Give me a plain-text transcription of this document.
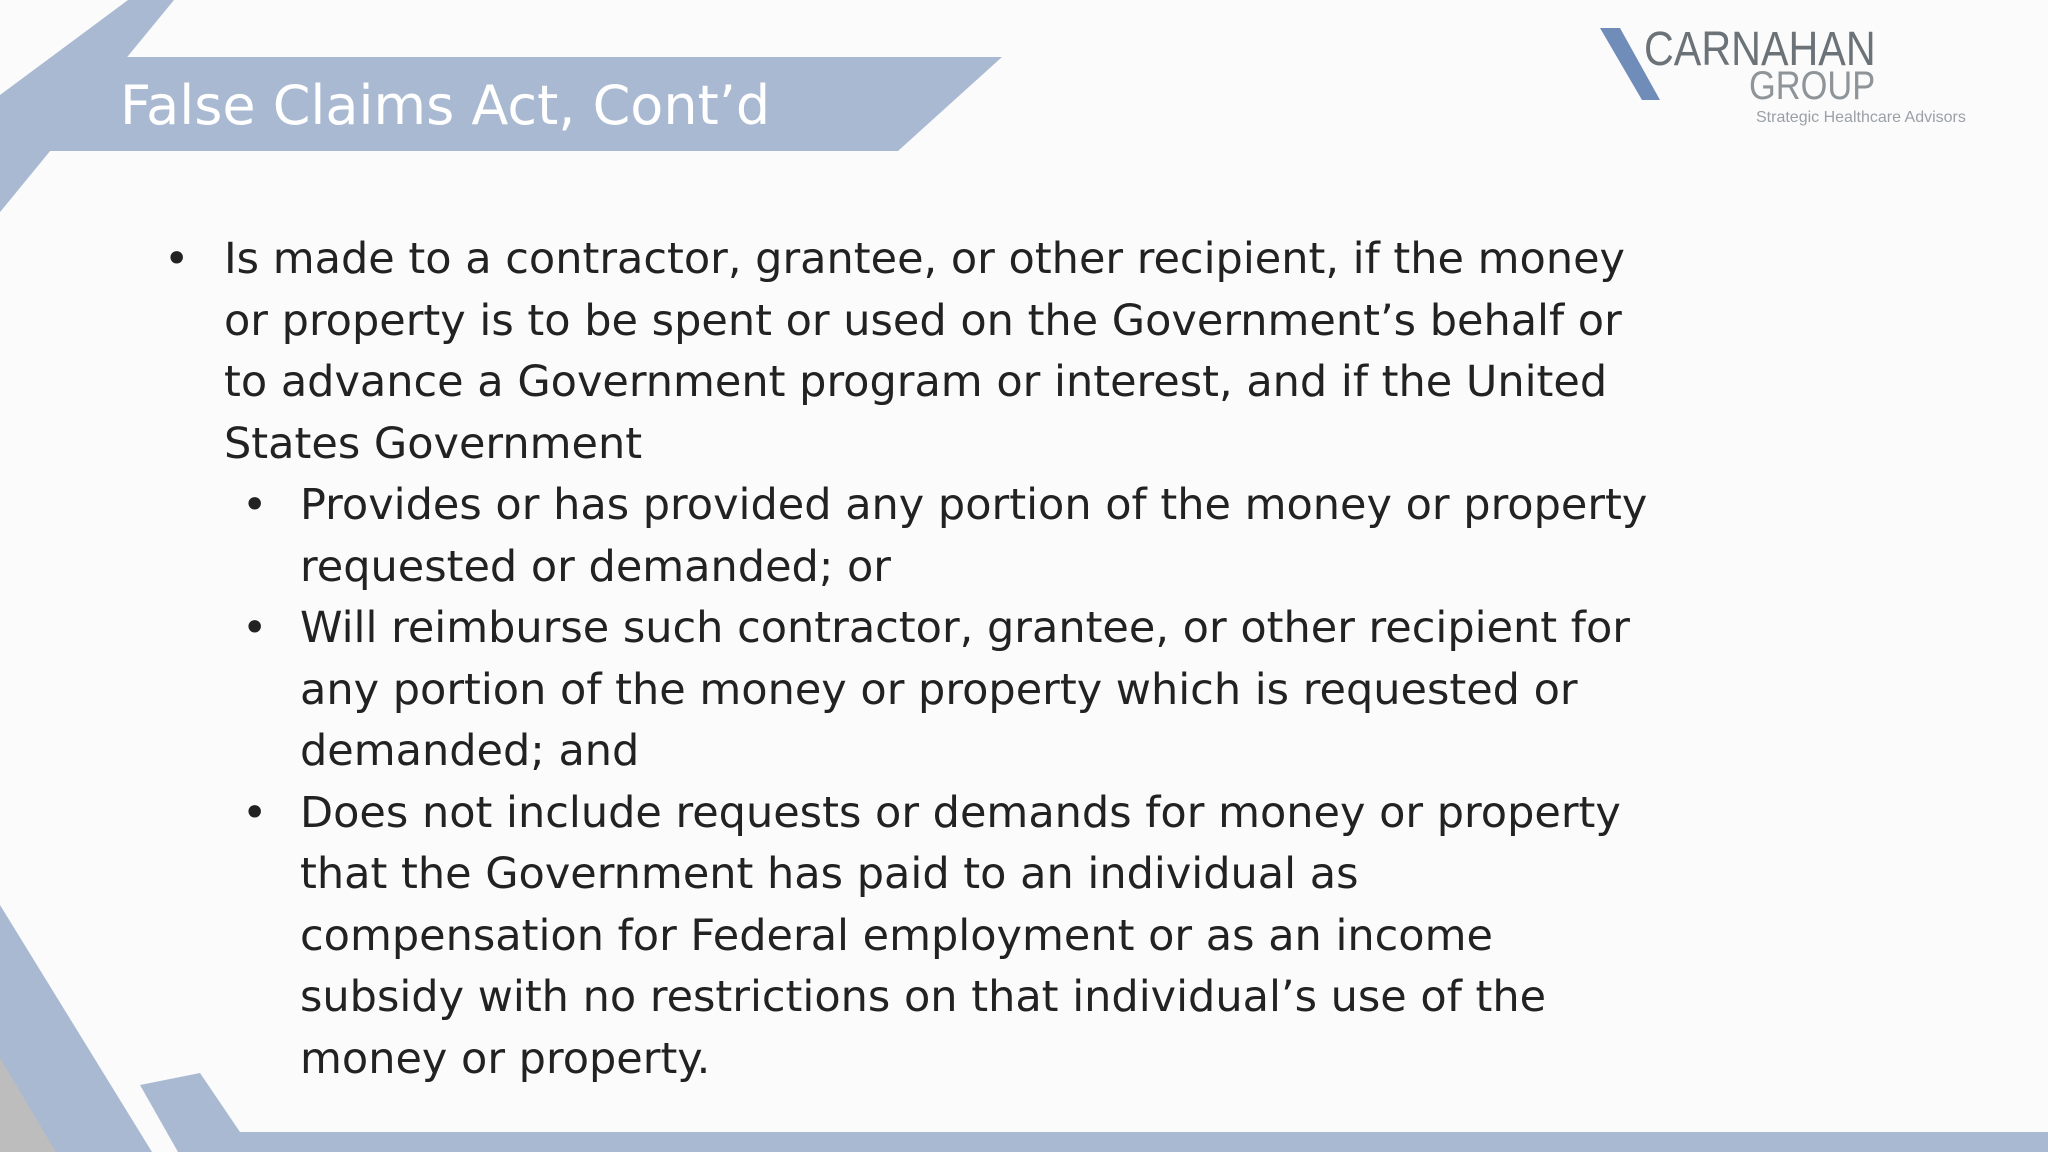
False Claims Act, Cont’d
CARNAHAN
GROUP
Strategic Healthcare Advisors
• Is made to a contractor, grantee, or other recipient, if the money or property is to be spent or used on the Government’s behalf or to advance a Government program or interest, and if the United States Government
• Provides or has provided any portion of the money or property requested or demanded; or
• Will reimburse such contractor, grantee, or other recipient for any portion of the money or property which is requested or demanded; and
• Does not include requests or demands for money or property that the Government has paid to an individual as compensation for Federal employment or as an income subsidy with no restrictions on that individual’s use of the money or property.
